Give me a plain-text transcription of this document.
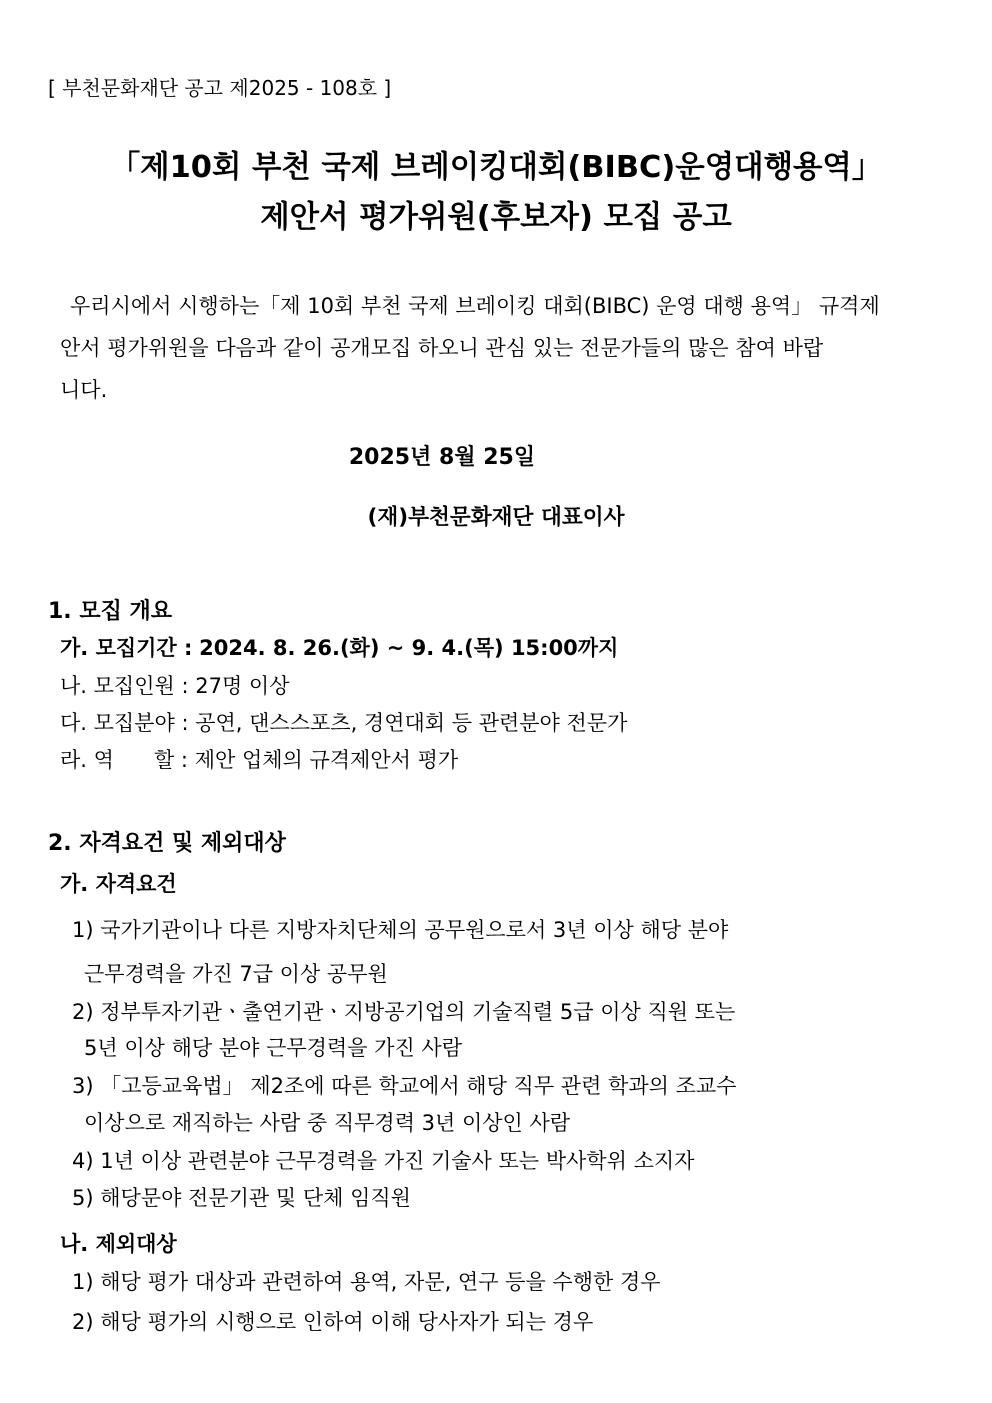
[ 부천문화재단 공고 제2025 - 108호 ]
「제10회 부천 국제 브레이킹대회(BIBC)운영대행용역」
제안서 평가위원(후보자) 모집 공고
우리시에서 시행하는「제 10회 부천 국제 브레이킹 대회(BIBC) 운영 대행 용역」 규격제
안서 평가위원을 다음과 같이 공개모집 하오니 관심 있는 전문가들의 많은 참여 바랍
니다.
2025년 8월 25일
(재)부천문화재단 대표이사
1. 모집 개요
가. 모집기간 : 2024. 8. 26.(화) ~ 9. 4.(목) 15:00까지
나. 모집인원 : 27명 이상
다. 모집분야 : 공연, 댄스스포츠, 경연대회 등 관련분야 전문가
라. 역      할 : 제안 업체의 규격제안서 평가
2. 자격요건 및 제외대상
가. 자격요건
1) 국가기관이나 다른 지방자치단체의 공무원으로서 3년 이상 해당 분야
근무경력을 가진 7급 이상 공무원
2) 정부투자기관ㆍ출연기관ㆍ지방공기업의 기술직렬 5급 이상 직원 또는
5년 이상 해당 분야 근무경력을 가진 사람
3) 「고등교육법」 제2조에 따른 학교에서 해당 직무 관련 학과의 조교수
이상으로 재직하는 사람 중 직무경력 3년 이상인 사람
4) 1년 이상 관련분야 근무경력을 가진 기술사 또는 박사학위 소지자
5) 해당문야 전문기관 및 단체 임직원
나. 제외대상
1) 해당 평가 대상과 관련하여 용역, 자문, 연구 등을 수행한 경우
2) 해당 평가의 시행으로 인하여 이해 당사자가 되는 경우
